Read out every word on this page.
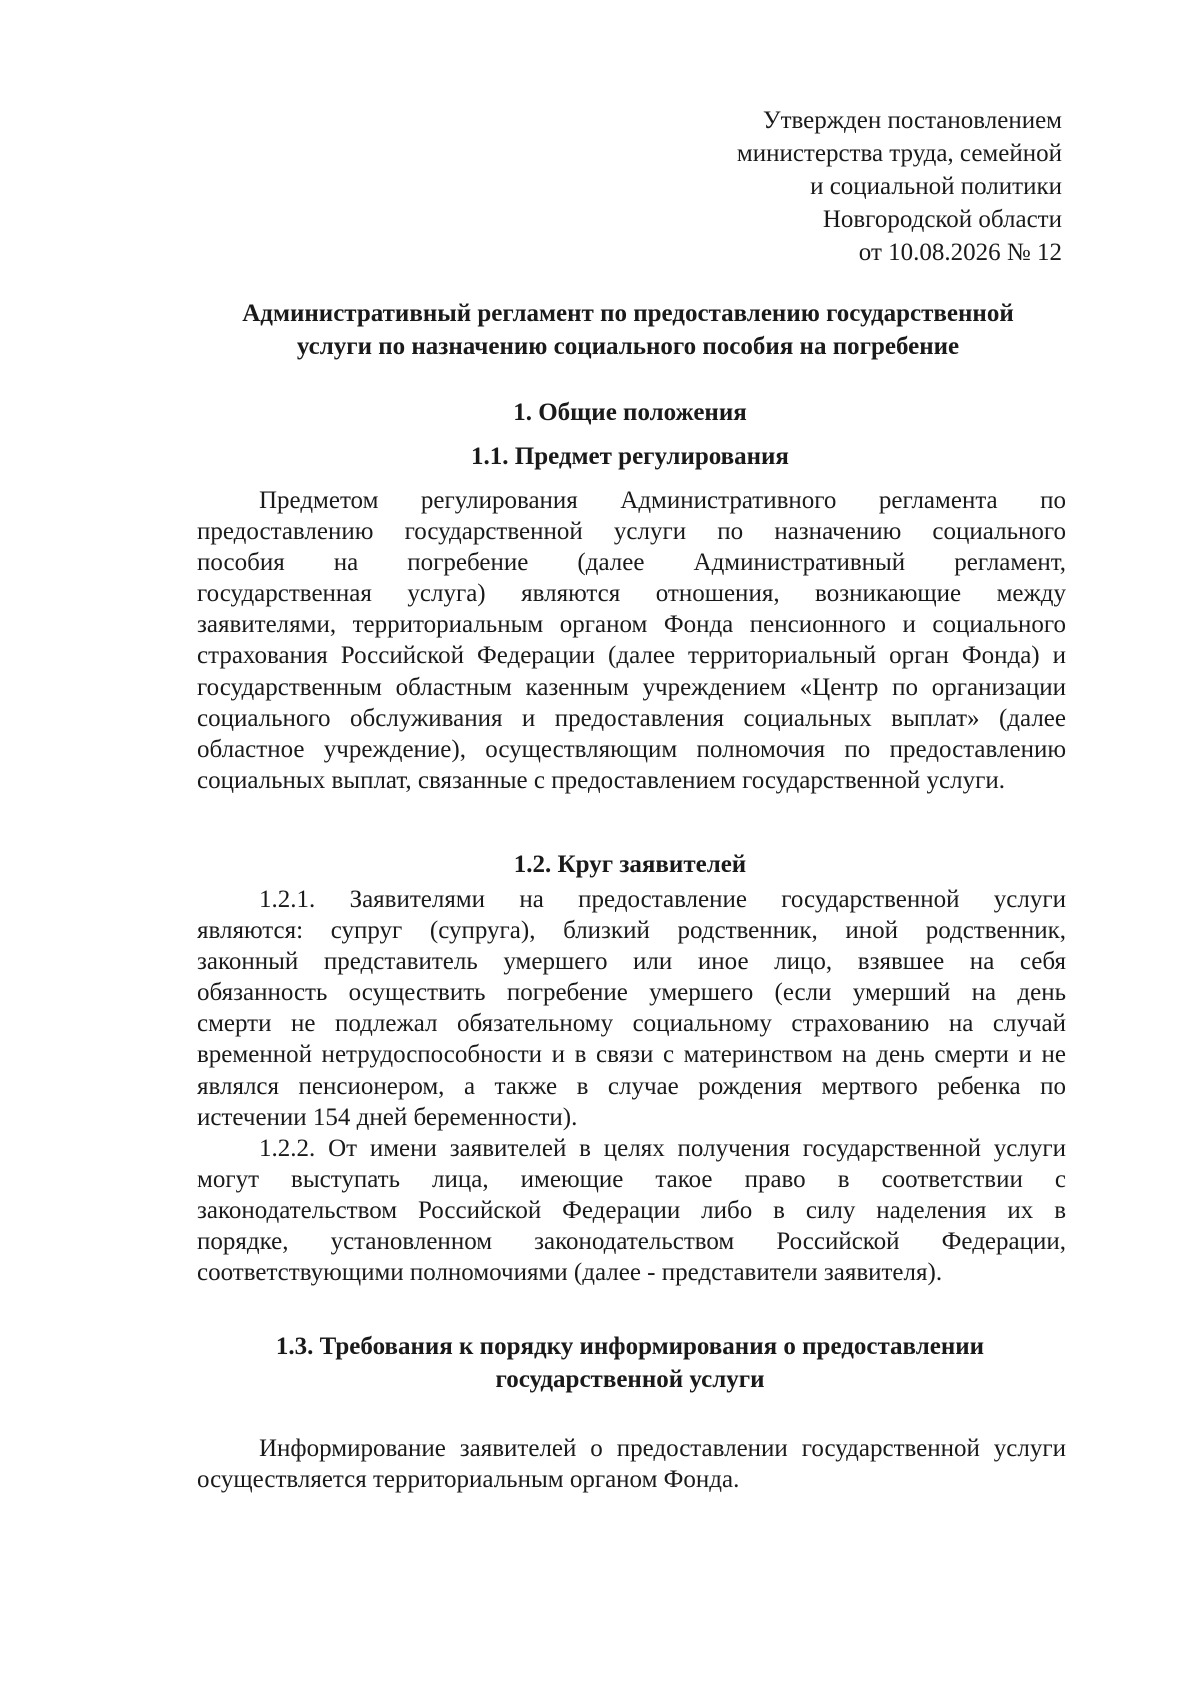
Утвержден постановлением
министерства труда, семейной
и социальной политики
Новгородской области
от 10.08.2026 № 12
Административный регламент по предоставлению государственной
услуги по назначению социального пособия на погребение
1. Общие положения
1.1. Предмет регулирования
Предметом регулирования Административного регламента по
предоставлению государственной услуги по назначению социального
пособия на погребение (далее Административный регламент,
государственная услуга) являются отношения, возникающие между
заявителями, территориальным органом Фонда пенсионного и социального
страхования Российской Федерации (далее территориальный орган Фонда) и
государственным областным казенным учреждением «Центр по организации
социального обслуживания и предоставления социальных выплат» (далее
областное учреждение), осуществляющим полномочия по предоставлению
социальных выплат, связанные с предоставлением государственной услуги.
1.2. Круг заявителей
1.2.1. Заявителями на предоставление государственной услуги
являются: супруг (супруга), близкий родственник, иной родственник,
законный представитель умершего или иное лицо, взявшее на себя
обязанность осуществить погребение умершего (если умерший на день
смерти не подлежал обязательному социальному страхованию на случай
временной нетрудоспособности и в связи с материнством на день смерти и не
являлся пенсионером, а также в случае рождения мертвого ребенка по
истечении 154 дней беременности).
1.2.2. От имени заявителей в целях получения государственной услуги
могут выступать лица, имеющие такое право в соответствии с
законодательством Российской Федерации либо в силу наделения их в
порядке, установленном законодательством Российской Федерации,
соответствующими полномочиями (далее - представители заявителя).
1.3. Требования к порядку информирования о предоставлении
государственной услуги
Информирование заявителей о предоставлении государственной услуги
осуществляется территориальным органом Фонда.
